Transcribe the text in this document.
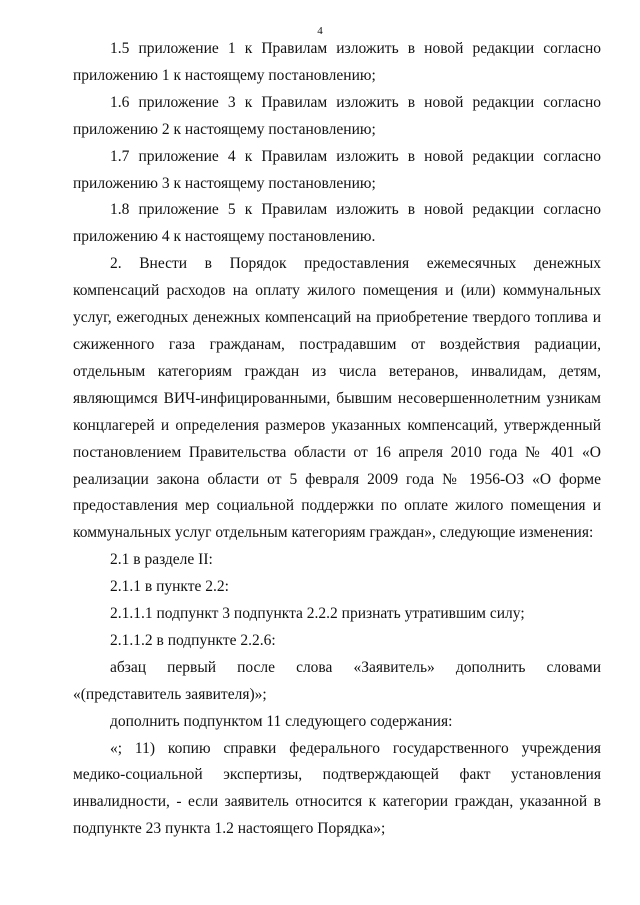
4

1.5 приложение 1 к Правилам изложить в новой редакции согласно приложению 1 к настоящему постановлению;

1.6 приложение 3 к Правилам изложить в новой редакции согласно приложению 2 к настоящему постановлению;

1.7 приложение 4 к Правилам изложить в новой редакции согласно приложению 3 к настоящему постановлению;

1.8 приложение 5 к Правилам изложить в новой редакции согласно приложению 4 к настоящему постановлению.

2. Внести в Порядок предоставления ежемесячных денежных компенсаций расходов на оплату жилого помещения и (или) коммунальных услуг, ежегодных денежных компенсаций на приобретение твердого топлива и сжиженного газа гражданам, пострадавшим от воздействия радиации, отдельным категориям граждан из числа ветеранов, инвалидам, детям, являющимся ВИЧ-инфицированными, бывшим несовершеннолетним узникам концлагерей и определения размеров указанных компенсаций, утвержденный постановлением Правительства области от 16 апреля 2010 года № 401 «О реализации закона области от 5 февраля 2009 года № 1956-ОЗ «О форме предоставления мер социальной поддержки по оплате жилого помещения и коммунальных услуг отдельным категориям граждан», следующие изменения:

2.1 в разделе II:

2.1.1 в пункте 2.2:

2.1.1.1 подпункт 3 подпункта 2.2.2 признать утратившим силу;

2.1.1.2 в подпункте 2.2.6:

абзац первый после слова «Заявитель» дополнить словами «(представитель заявителя)»;

дополнить подпунктом 11 следующего содержания:

«; 11) копию справки федерального государственного учреждения медико-социальной экспертизы, подтверждающей факт установления инвалидности, - если заявитель относится к категории граждан, указанной в подпункте 23 пункта 1.2 настоящего Порядка»;
